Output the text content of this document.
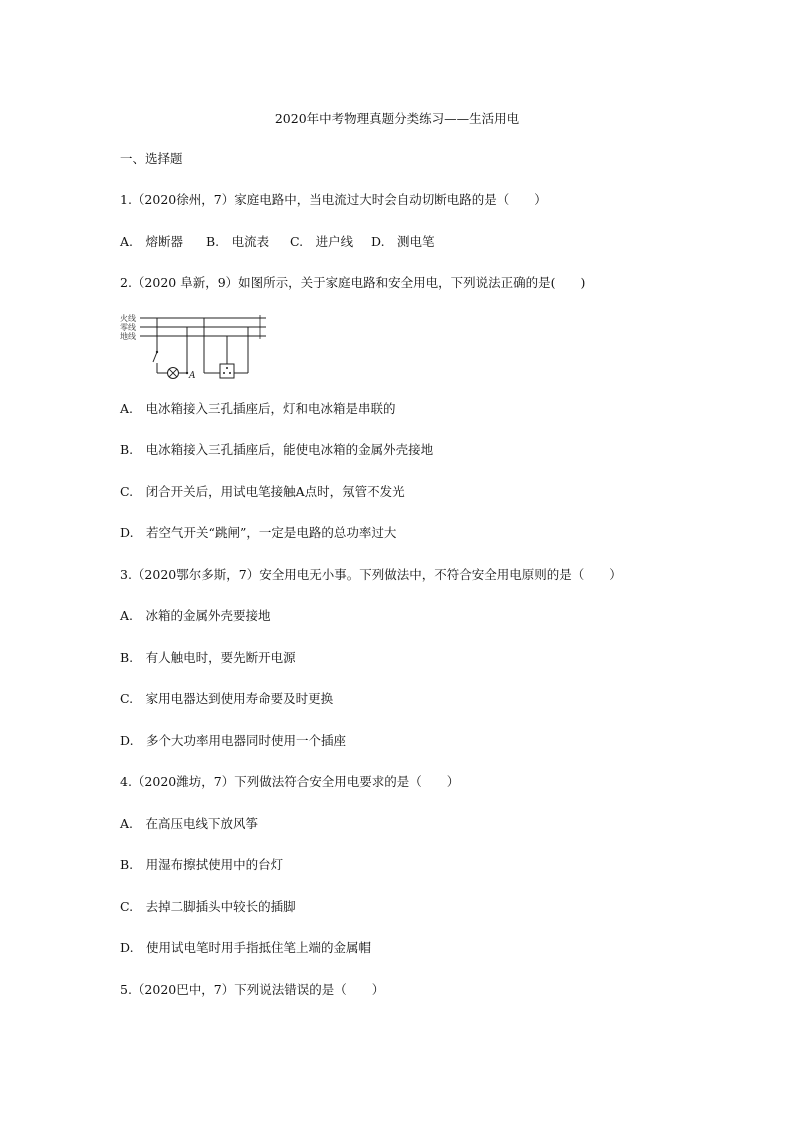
2020年中考物理真题分类练习——生活用电
一、选择题
1.（2020徐州，7）家庭电路中，当电流过大时会自动切断电路的是（　　）
A.　熔断器	B.　电流表	C.　进户线	D.　测电笔
2.（2020 阜新，9）如图所示，关于家庭电路和安全用电，下列说法正确的是(　　)
火线
零线
地线
A
A.　电冰箱接入三孔插座后，灯和电冰箱是串联的
B.　电冰箱接入三孔插座后，能使电冰箱的金属外壳接地
C.　闭合开关后，用试电笔接触A点时，氖管不发光
D.　若空气开关“跳闸”，一定是电路的总功率过大
3.（2020鄂尔多斯，7）安全用电无小事。下列做法中，不符合安全用电原则的是（　　）
A.　冰箱的金属外壳要接地
B.　有人触电时，要先断开电源
C.　家用电器达到使用寿命要及时更换
D.　多个大功率用电器同时使用一个插座
4.（2020潍坊，7）下列做法符合安全用电要求的是（　　）
A.　在高压电线下放风筝
B.　用湿布擦拭使用中的台灯
C.　去掉二脚插头中较长的插脚
D.　使用试电笔时用手指抵住笔上端的金属帽
5.（2020巴中，7）下列说法错误的是（　　）
